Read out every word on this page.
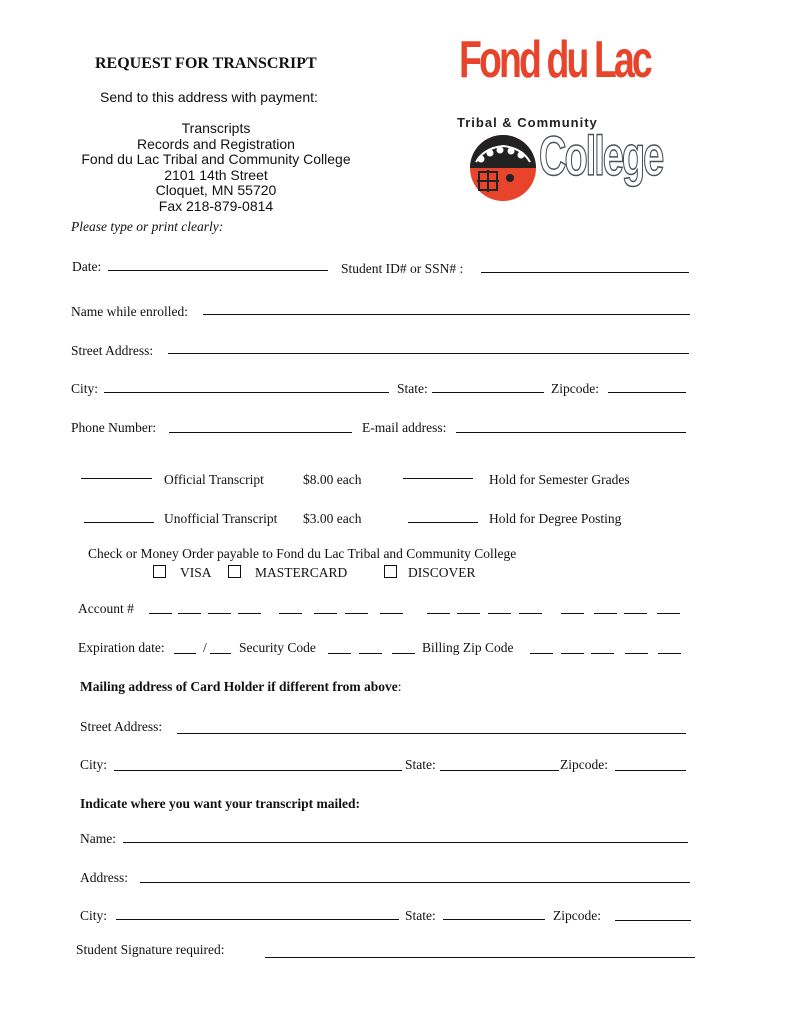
REQUEST FOR TRANSCRIPT
Send to this address with payment:
Transcripts
Records and Registration
Fond du Lac Tribal and Community College
2101 14th Street
Cloquet, MN 55720
Fax 218-879-0814
Please type or print clearly:
Fond du Lac
Tribal & Community
College
Date:	Student ID# or SSN# :
Name while enrolled:
Street Address:
City:	State:	Zipcode:
Phone Number:	E-mail address:
Official Transcript	$8.00 each	Hold for Semester Grades
Unofficial Transcript $3.00 each	Hold for Degree Posting
Check or Money Order payable to Fond du Lac Tribal and Community College
VISA	MASTERCARD	DISCOVER
Account #
Expiration date:	/ Security Code	Billing Zip Code
Mailing address of Card Holder if different from above:
Street Address:
City:	State:	Zipcode:
Indicate where you want your transcript mailed:
Name:
Address:
City:	State:	Zipcode:
Student Signature required:
